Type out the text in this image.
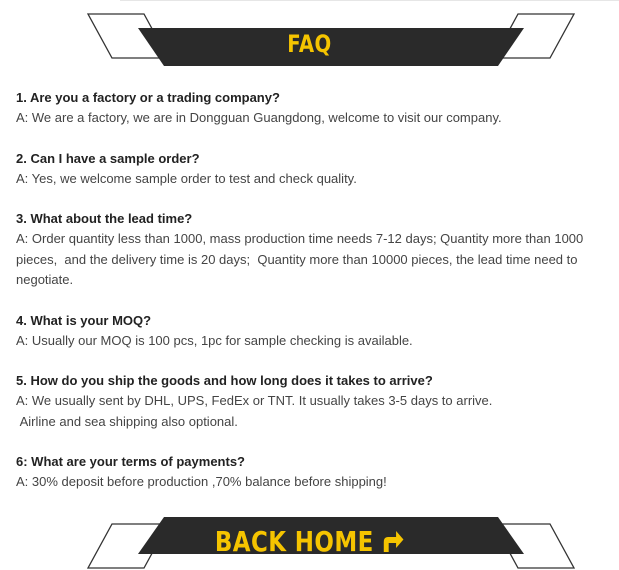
FAQ
1. Are you a factory or a trading company?
A: We are a factory, we are in Dongguan Guangdong, welcome to visit our company.
2. Can I have a sample order?
A: Yes, we welcome sample order to test and check quality.
3. What about the lead time?
A: Order quantity less than 1000, mass production time needs 7-12 days; Quantity more than 1000 pieces,  and the delivery time is 20 days;  Quantity more than 10000 pieces, the lead time need to negotiate.
4. What is your MOQ?
A: Usually our MOQ is 100 pcs, 1pc for sample checking is available.
5. How do you ship the goods and how long does it takes to arrive?
A: We usually sent by DHL, UPS, FedEx or TNT. It usually takes 3-5 days to arrive.
Airline and sea shipping also optional.
6: What are your terms of payments?
A: 30% deposit before production ,70% balance before shipping!
BACK HOME
